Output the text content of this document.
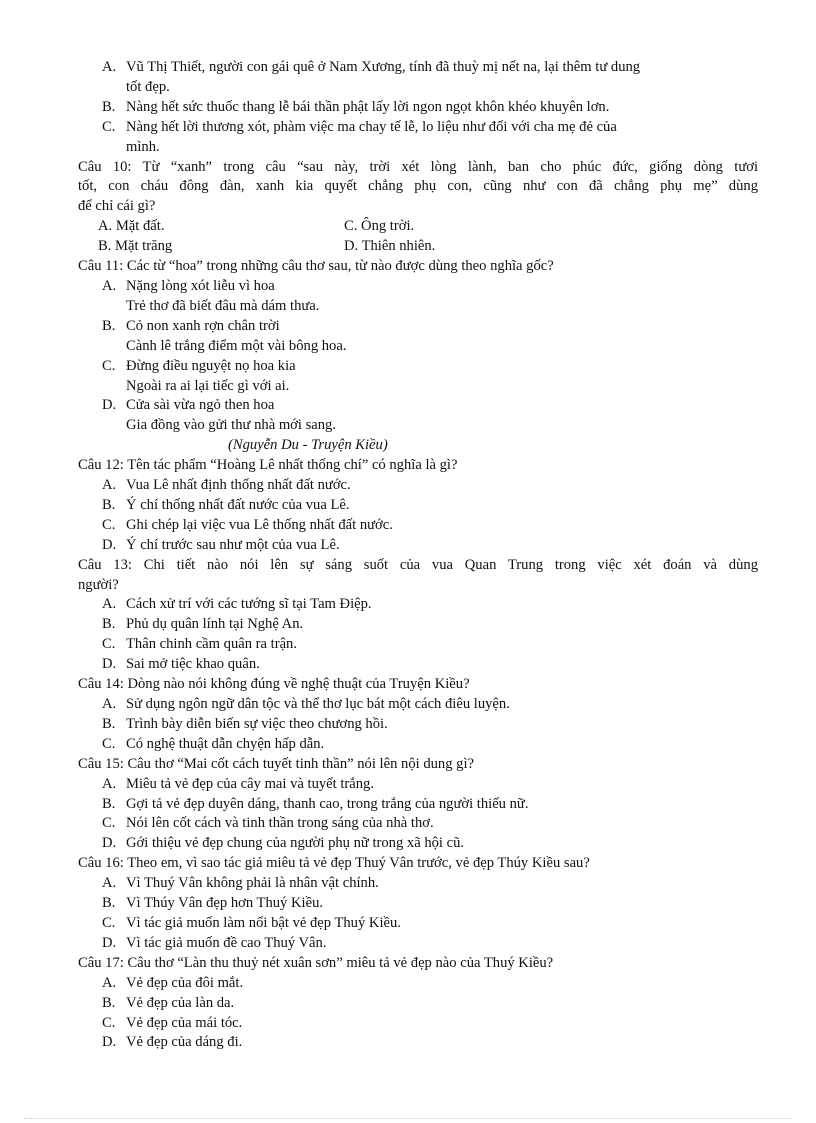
A. Vũ Thị Thiết, người con gái quê ở Nam Xương, tính đã thuỳ mị nết na, lại thêm tư dung
tốt đẹp.
B. Nàng hết sức thuốc thang lễ bái thần phật lấy lời ngon ngọt khôn khéo khuyên lơn.
C. Nàng hết lời thương xót, phàm việc ma chay tế lễ, lo liệu như đối với cha mẹ đẻ của
mình.
Câu 10: Từ “xanh” trong câu “sau này, trời xét lòng lành, ban cho phúc đức, giống dòng tươi
tốt, con cháu đông đàn, xanh kia quyết chẳng phụ con, cũng như con đã chẳng phụ mẹ” dùng
để chỉ cái gì?
A. Mặt đất.	C. Ông trời.
B. Mặt trăng	D. Thiên nhiên.
Câu 11: Các từ “hoa” trong những câu thơ sau, từ nào được dùng theo nghĩa gốc?
A. Nặng lòng xót liễu vì hoa
Trẻ thơ đã biết đâu mà dám thưa.
B. Cỏ non xanh rợn chân trời
Cành lê trắng điểm một vài bông hoa.
C. Đừng điều nguyệt nọ hoa kia
Ngoài ra ai lại tiếc gì với ai.
D. Cửa sài vừa ngỏ then hoa
Gia đồng vào gửi thư nhà mới sang.
(Nguyễn Du - Truyện Kiều)
Câu 12: Tên tác phẩm “Hoàng Lê nhất thống chí” có nghĩa là gì?
A. Vua Lê nhất định thống nhất đất nước.
B. Ý chí thống nhất đất nước của vua Lê.
C. Ghi chép lại việc vua Lê thống nhất đất nước.
D. Ý chí trước sau như một của vua Lê.
Câu 13: Chi tiết nào nói lên sự sáng suốt của vua Quan Trung trong việc xét đoán và dùng
người?
A. Cách xử trí với các tướng sĩ tại Tam Điệp.
B. Phủ dụ quân lính tại Nghệ An.
C. Thân chinh cầm quân ra trận.
D. Sai mở tiệc khao quân.
Câu 14: Dòng nào nói không đúng về nghệ thuật của Truyện Kiều?
A. Sử dụng ngôn ngữ dân tộc và thể thơ lục bát một cách điêu luyện.
B. Trình bày diễn biến sự việc theo chương hồi.
C. Có nghệ thuật dẫn chyện hấp dẫn.
Câu 15: Câu thơ “Mai cốt cách tuyết tinh thần” nói lên nội dung gì?
A. Miêu tả vẻ đẹp của cây mai và tuyết trắng.
B. Gợi tả vẻ đẹp duyên dáng, thanh cao, trong trắng của người thiếu nữ.
C. Nói lên cốt cách và tinh thần trong sáng của nhà thơ.
D. Gới thiệu vẻ đẹp chung của người phụ nữ trong xã hội cũ.
Câu 16: Theo em, vì sao tác giả miêu tả vẻ đẹp Thuý Vân trước, vẻ đẹp Thúy Kiều sau?
A. Vì Thuý Vân không phải là nhân vật chính.
B. Vì Thúy Vân đẹp hơn Thuý Kiều.
C. Vì tác giả muốn làm nổi bật vẻ đẹp Thuý Kiều.
D. Vì tác giả muốn đề cao Thuý Vân.
Câu 17: Câu thơ “Làn thu thuỷ nét xuân sơn” miêu tả vẻ đẹp nào của Thuý Kiều?
A. Vẻ đẹp của đôi mắt.
B. Vẻ đẹp của làn da.
C. Vẻ đẹp của mái tóc.
D. Vẻ đẹp của dáng đi.
